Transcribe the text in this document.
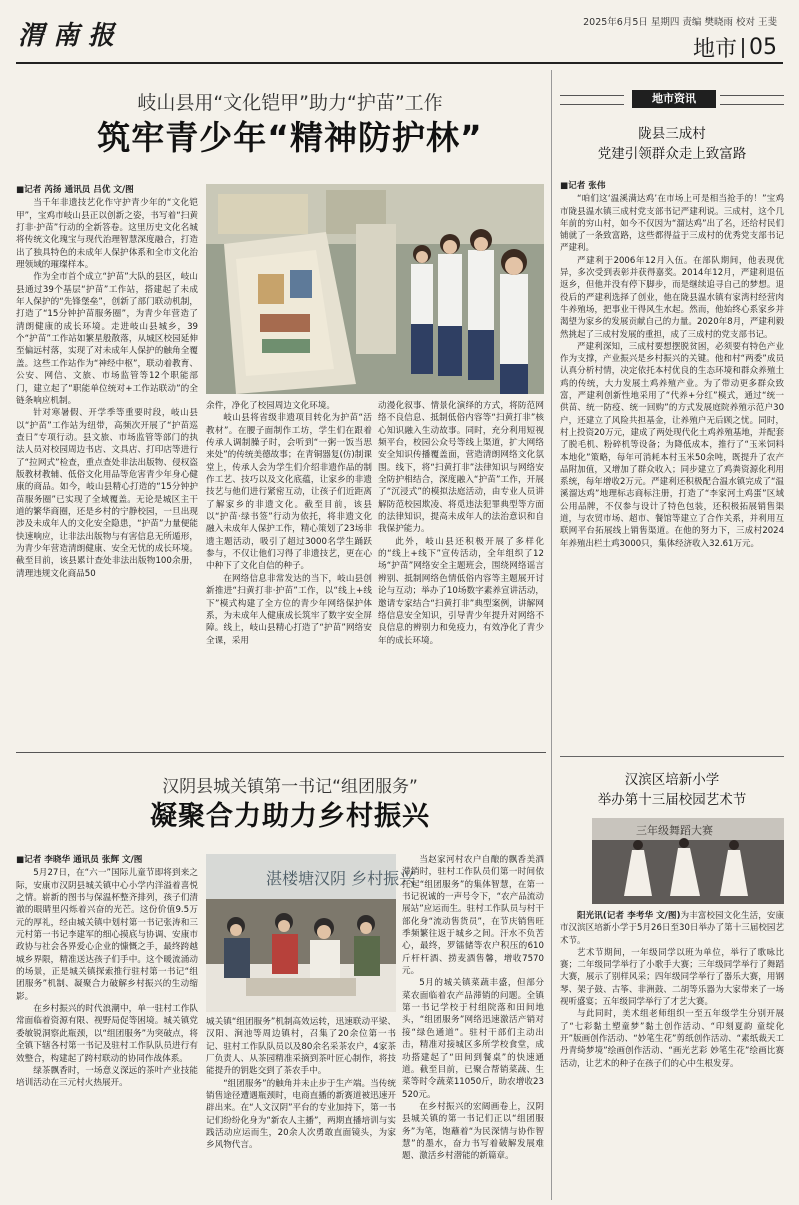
渭 南 报	2025年6月5日 星期四 责编 樊晓雨 校对 王斐
地市 05
岐山县用“文化铠甲”助力“护苗”工作
筑牢青少年“精神防护林”
■记者 芮扬 通讯员 吕优 文/图

当千年非遗技艺化作守护青少年的“文化铠甲”，宝鸡市岐山县正以创新之姿，书写着“扫黄打非·护苗”行动的全新答卷。这里历史文化名城将传统文化瑰宝与现代治理智慧深度融合，打造出了独具特色的未成年人保护体系和全市文化治理领域的璀璨样本。

作为全市首个成立“护苗”大队的县区，岐山县通过39个基层“护苗”工作站，搭建起了未成年人保护的“先锋堡垒”，创新了部门联动机制，打造了“15分钟护苗服务圈”，为青少年营造了清朗健康的成长环境。走进岐山县城乡，39个“护苗”工作站如繁星般散落，从城区校园延伸至偏远村落，实现了对未成年人保护的触角全覆盖。这些工作站作为“神经中枢”，联动着教育、公安、网信、文旅、市场监管等12个职能部门，建立起了“职能单位统对+工作站联动”的全链条响应机制。

针对寒暑假、开学季等重要时段，岐山县以“护苗”工作站为纽带，高频次开展了“护苗巡查日”专项行动。县文旅、市场监管等部门的执法人员对校园周边书店、文具店、打印店等进行了“拉网式”检查，重点查处非法出版物、侵权盗版教材教辅、低俗文化用品等危害青少年身心健康的商品。如今，岐山县精心打造的“15分钟护苗服务圈”已实现了全域覆盖。无论是城区主干道的繁华商圈，还是乡村的宁静校园，一旦出现涉及未成年人的文化安全隐患，“护苗”力量便能快速响应，让非法出版物与有害信息无所遁形，为青少年营造清朗健康、安全无忧的成长环境。截至目前，该县累计查处非法出版物100余册，清理违规文化商品50

余件，净化了校园周边文化环境。

岐山县将省级非遗项目转化为护苗“活教材”。在腰子面制作工坊，学生们在跟着传承人调制臊子时，会听到“一粥一饭当思来处”的传统美德故事；在青铜器复(仿)制课堂上，传承人会为学生们介绍非遗作品的制作工艺、技巧以及文化底蕴，让家乡的非遗技艺与他们进行紧密互动，让孩子们近距离了解家乡的非遗文化。截至目前，该县以“护苗·绿书签”行动为依托，将非遗文化融入未成年人保护工作，精心策划了23场非遗主题活动，吸引了超过3000名学生踊跃参与，不仅让他们习得了非遗技艺，更在心中种下了文化自信的种子。

在网络信息非常发达的当下，岐山县创新推进“扫黄打非·护苗”工作，以“线上+线下”模式构建了全方位的青少年网络保护体系，为未成年人健康成长筑牢了数字安全屏障。线上，岐山县精心打造了“护苗”网络安全课，采用

动漫化叙事、情景化演绎的方式，将防范网络不良信息、抵制低俗内容等“扫黄打非”核心知识融入生动故事。同时，充分利用短视频平台，校园公众号等线上渠道，扩大网络安全知识传播覆盖面，营造清朗网络文化氛围。线下，将“扫黄打非”法律知识与网络安全防护相结合，深度融入“护苗”工作，开展了“沉浸式”的模拟法庭活动，由专业人员讲解防范校园欺凌、将觅违法犯罪典型等方面的法律知识，提高未成年人的法治意识和自我保护能力。

此外，岐山县还积极开展了多样化的“线上+线下”宣传活动，全年组织了12场“护苗”网络安全主题班会，围绕网络谣言辨别、抵制网络色情低俗内容等主题展开讨论与互动；举办了10场数字素养宣讲活动，邀请专家结合“扫黄打非”典型案例，讲解网络信息安全知识，引导青少年提升对网络不良信息的辨别力和免疫力，有效净化了青少年的成长环境。

汉阴县城关镇第一书记“组团服务”
凝聚合力助力乡村振兴
■记者 李晓华 通讯员 张辉 文/图

5月27日，在“六一”国际儿童节即将到来之际，安康市汉阴县城关镇中心小学内洋溢着喜悦之情。崭新的图书与保温杯整齐排列，孩子们清澈的眼睛里闪烁着兴奋的光芒。这份价值9.5万元的厚礼，经由城关镇中划村第一书记张涛和三元村第一书记李建军的细心摸底与协调、安康市政协与社会各界爱心企业的慷慨之手，最终跨越城乡界限，精准送达孩子们手中。这个暖流涌动的场景，正是城关镇探索推行驻村第一书记“组团服务”机制、凝聚合力破解乡村振兴的生动缩影。

在乡村振兴的时代浪潮中，单一驻村工作队常面临着资源有限、视野局促等困境。城关镇党委敏锐洞察此瓶颈，以“组团服务”为突破点，将全镇下辖各村第一书记及驻村工作队队员进行有效整合，构建起了跨村联动的协同作战体系。

绿茶飘香时，一场意义深远的茶叶产业技能培训活动在三元村火热展开。

湛楼塘汉阴 乡村振兴

城关镇“组团服务”机制高效运转，迅速联动平梁、汉阳、涧池等周边镇村，召集了20余位第一书记、驻村工作队队员以及80余名采茶农户，4家茶厂负责人、从茶园精准采摘到茶叶匠心制作，将技能提升的钥匙交到了茶农手中。

“组团服务”的触角并未止步于生产端。当传统销售途径遭遇瓶颈时，电商直播的新赛道被迅速开辟出来。在“人文汉阴”平台的专业加持下，第一书记们纷纷化身为“新农人主播”，两期直播培训与实践活动应运而生，20余人次勇敢直面镜头，为家乡风物代言。

当赵家河村农户自酿的飘香美酒滞销时，驻村工作队员们第一时间依托起“组团服务”的集体智慧，在第一书记祝诚的一声号令下，“农产品流动展站”应运而生。驻村工作队员与村干部化身“流动售货员”，在节庆销售旺季频繁往返于城乡之间。汗水不负苦心，最终，罗镭储等农户积压的610斤杆杆酒、捞麦酒售馨，增收7570元。

5月的城关镇菜蔬丰盛，但部分菜农面临着农产品滞销的问题。全镇第一书记学校于村组院落和田间地头，“组团服务”网络迅速激活产销对接“绿色通道”。驻村干部们主动出击，精准对接城区多所学校食堂，成功搭建起了“田间到餐桌”的快速通道。截至目前，已聚合帮销菜蔬、生菜等时令蔬菜11050斤，助农增收23520元。

在乡村振兴的宏阔画卷上，汉阴县城关镇的第一书记们正以“组团服务”为笔，饱蘸着“为民深情与协作智慧”的墨水，奋力书写着破解发展难题、激活乡村潜能的新篇章。

地市资讯
陇县三成村
党建引领群众走上致富路
■记者 张伟

“咱们这‘温溪满达鸡’在市场上可是相当抢手的！”宝鸡市陇县温水镇三成村党支部书记严建利说。三成村，这个几年前的穷山村，如今不仅因为“溜达鸡”出了名，还给村民们铺就了一条致富路，这些都得益于三成村的优秀党支部书记严建利。

严建利于2006年12月入伍。在部队期间，他表现优异，多次受到表彰并获得嘉奖。2014年12月，严建利退伍返乡，但他并没有停下脚步，而是继续追寻自己的梦想。退役后的严建利选择了创业，他在陇县温水镇有家湾村经营肉牛养殖场，把事业干得风生水起。然而，他始终心系家乡并渴望为家乡的发展贡献自己的力量。2020年8月，严建利毅然挑起了三成村发展的重担，成了三成村的党支部书记。

严建利深知，三成村要想摆脱贫困，必须要有特色产业作为支撑，产业振兴是乡村振兴的关键。他和村“两委”成员认真分析村情，决定依托本村优良的生态环境和群众养殖土鸡的传统，大力发展土鸡养殖产业。为了带动更多群众致富，严建利创新性地采用了“代养+分红”模式，通过“统一供苗、统一防疫、统一回购”的方式发展庭院养殖示范户30户，还建立了风险共担基金，让养殖户无后顾之忧。同时，村上投资20万元，建成了两处现代化土鸡养殖基地，并配套了脱毛机、粉碎机等设备；为降低成本，推行了“玉米饲料本地化”策略，每年可消耗本村玉米50余吨，既提升了农产品附加值，又增加了群众收入；同步建立了鸡粪资源化利用系统，每年增收2万元。严建利还积极配合温水镇完成了“温溪溜达鸡”地理标志商标注册，打造了“李家河土鸡蛋”区域公用品牌，不仅参与设计了特色包装，还积极拓展销售渠道，与农贸市场、超市、餐馆等建立了合作关系，并利用互联网平台拓展线上销售渠道。在他的努力下，三成村2024年养殖出栏土鸡3000只，集体经济收入32.61万元。

汉滨区培新小学
举办第十三届校园艺术节
三年级舞蹈大赛

阳光讯(记者 李考华 文/图)为丰富校园文化生活，安康市汉滨区培新小学于5月26日至30日举办了第十三届校园艺术节。

艺术节期间，一年级同学以班为单位，举行了歌咏比赛；二年级同学举行了小歌手大赛；三年级同学举行了舞蹈大赛，展示了别样风采；四年级同学举行了器乐大赛，用钢琴、架子鼓、古筝、非洲鼓、二胡等乐器为大家带来了一场视听盛宴；五年级同学举行了才艺大赛。

与此同时，美术组老师组织一至五年级学生分别开展了“七彩黏土塑童梦”黏土创作活动、“印刻夏韵 童绽化开”版画创作活动、“妙笔生花”剪纸创作活动、“素纸裁天工 丹青绮梦境”绘画创作活动、“画光艺彩 妙笔生花”绘画比赛活动，让艺术的种子在孩子们的心中生根发芽。
